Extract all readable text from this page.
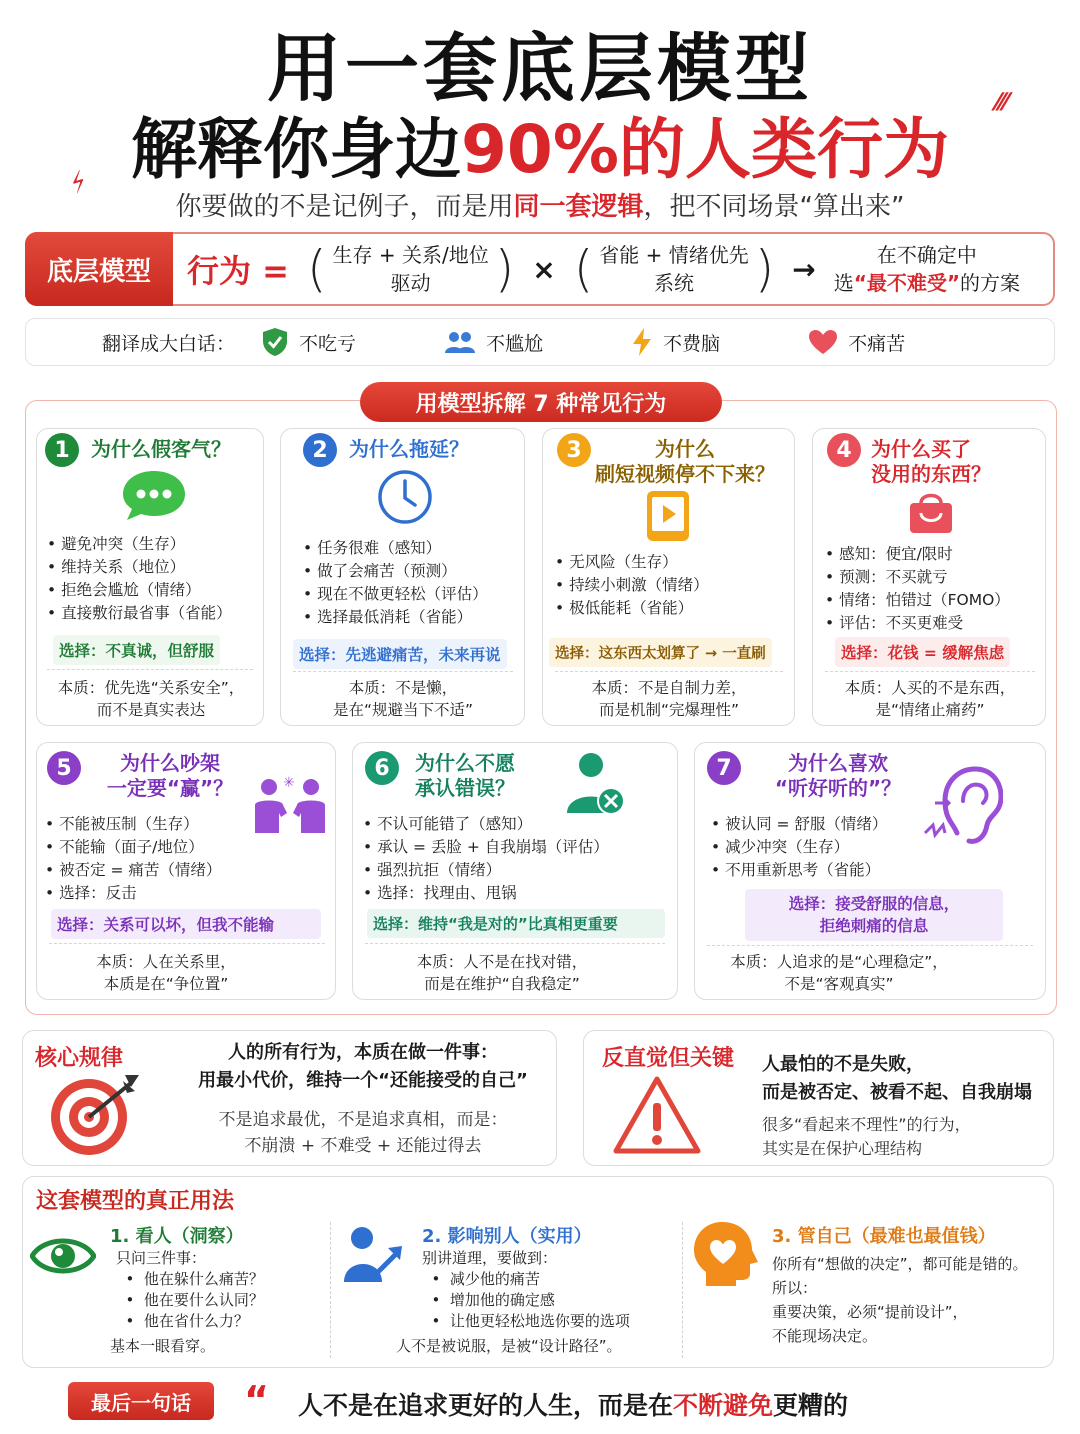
用一套底层模型
解释你身边90%的人类行为
⚡
⁄⁄⁄
你要做的不是记例子，而是用同一套逻辑，把不同场景“算出来”
底层模型	行为 = ( 生存 + 关系/地位
驱动	) × ( 省能 + 情绪优先
系统	) →	在不确定中
选“最不难受”的方案
翻译成大白话：	不吃亏	不尴尬	不费脑	不痛苦
用模型拆解 7 种常见行为
1	为什么假客气？
• 避免冲突（生存）
• 维持关系（地位）
• 拒绝会尴尬（情绪）
• 直接敷衍最省事（省能）
选择：不真诚，但舒服
本质：优先选“关系安全”，
而不是真实表达
2	为什么拖延？
• 任务很难（感知）
• 做了会痛苦（预测）
• 现在不做更轻松（评估）
• 选择最低消耗（省能）
选择：先逃避痛苦，未来再说
本质：不是懒，
是在“规避当下不适”
3	为什么
刷短视频停不下来？
• 无风险（生存）
• 持续小刺激（情绪）
• 极低能耗（省能）
选择：这东西太划算了 → 一直刷
本质：不是自制力差，
而是机制“完爆理性”
4 为什么买了
没用的东西？
• 感知：便宜/限时
• 预测：不买就亏
• 情绪：怕错过（FOMO）
• 评估：不买更难受
选择：花钱 = 缓解焦虑
本质：人买的不是东西，
是“情绪止痛药”
5	为什么吵架
一定要“赢”？	✳
• 不能被压制（生存）
• 不能输（面子/地位）
• 被否定 = 痛苦（情绪）
• 选择：反击
选择：关系可以坏，但我不能输
本质：人在关系里，
本质是在“争位置”
6	为什么不愿
承认错误？
• 不认可能错了（感知）
• 承认 = 丢脸 + 自我崩塌（评估）
• 强烈抗拒（情绪）
• 选择：找理由、甩锅
选择：维持“我是对的”比真相更重要
本质：人不是在找对错，
而是在维护“自我稳定”
7	为什么喜欢
“听好听的”？
• 被认同 = 舒服（情绪）
• 减少冲突（生存）
• 不用重新思考（省能）
选择：接受舒服的信息，
拒绝刺痛的信息
本质：人追求的是“心理稳定”，
不是“客观真实”
核心规律	人的所有行为，本质在做一件事：
用最小代价，维持一个“还能接受的自己”
不是追求最优，不是追求真相，而是：
不崩溃 + 不难受 + 还能过得去
反直觉但关键 人最怕的不是失败，
而是被否定、被看不起、自我崩塌
很多“看起来不理性”的行为，
其实是在保护心理结构
这套模型的真正用法
1. 看人（洞察）
只问三件事：
•  他在躲什么痛苦？
•  他在要什么认同？
•  他在省什么力？
基本一眼看穿。
2. 影响别人（实用）
别讲道理，要做到：
•  减少他的痛苦
•  增加他的确定感
•  让他更轻松地选你要的选项
人不是被说服，是被“设计路径”。
3. 管自己（最难也最值钱）
你所有“想做的决定”，都可能是错的。
所以：
重要决策，必须“提前设计”，
不能现场决定。
最后一句话	“ 人不是在追求更好的人生，而是在不断避免更糟的
